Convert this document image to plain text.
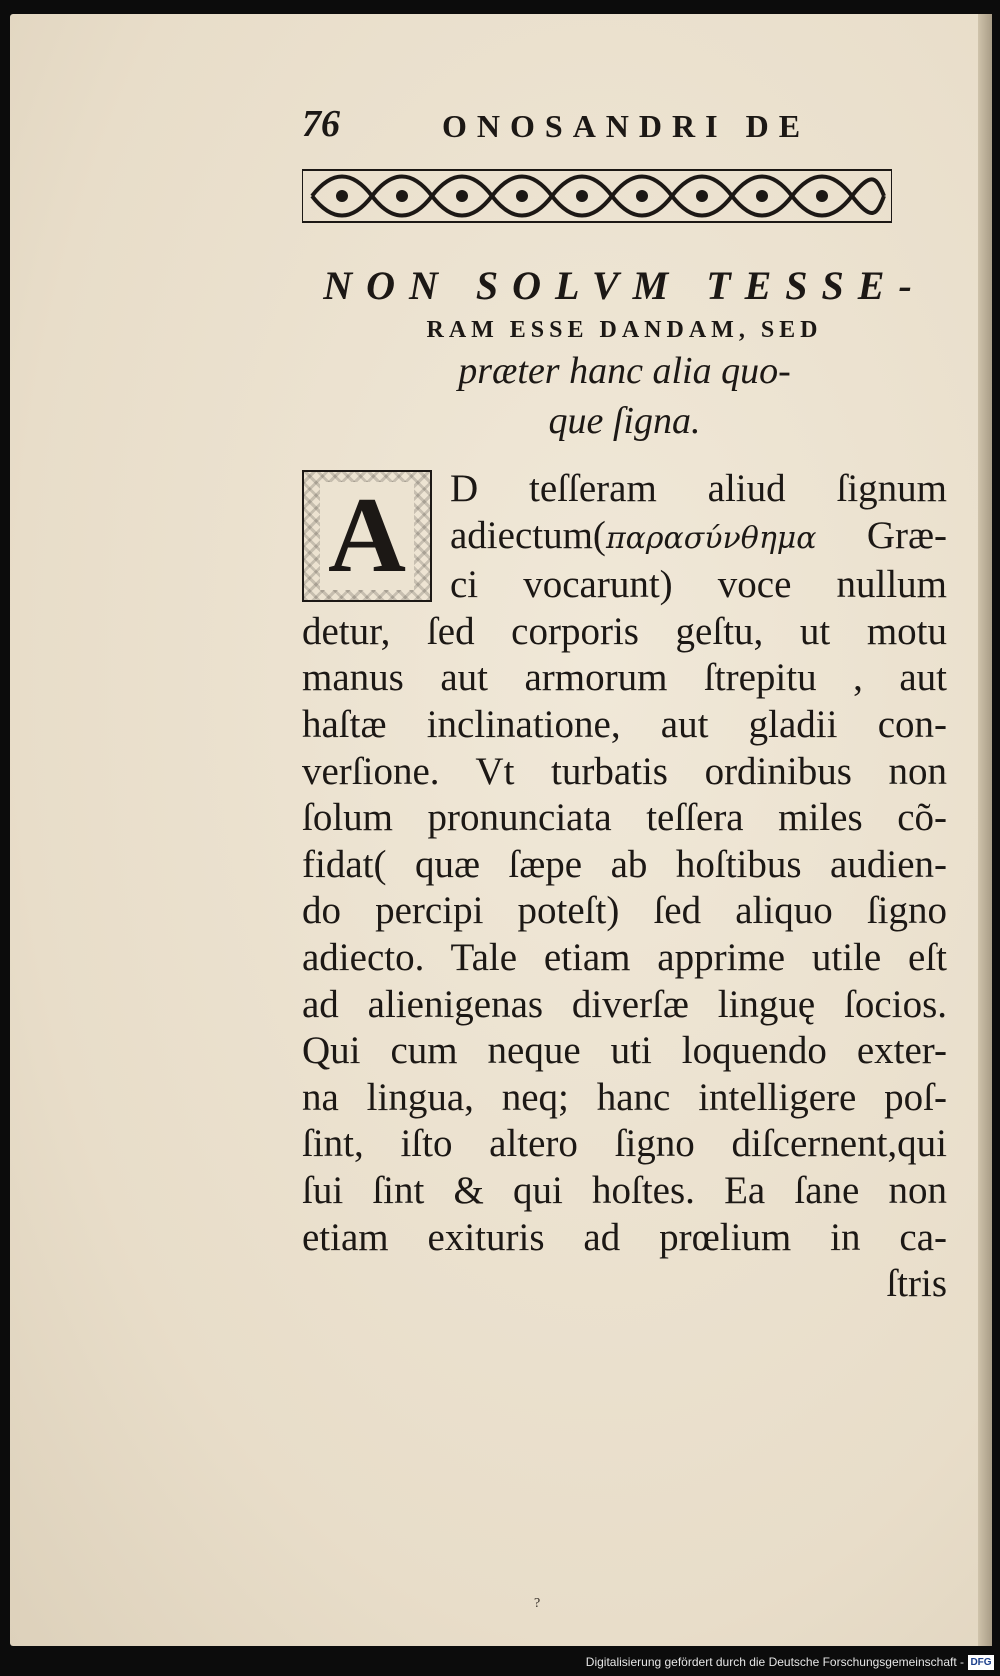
76	ONOSANDRI DE
NON SOLVM TESSE-
RAM ESSE DANDAM, SED
præter hanc alia quo-
que ſigna.
A	D teſſeram aliud ſignum
adiectum(παρασύνθημα Græ-
ci vocarunt) voce nullum
detur, ſed corporis geſtu, ut motu
manus aut armorum ſtrepitu , aut
haſtæ inclinatione, aut gladii con-
verſione. Vt turbatis ordinibus non
ſolum pronunciata teſſera miles cõ-
fidat( quæ ſæpe ab hoſtibus audien-
do percipi poteſt) ſed aliquo ſigno
adiecto. Tale etiam apprime utile eſt
ad alienigenas diverſæ linguę ſocios.
Qui cum neque uti loquendo exter-
na lingua, neq; hanc intelligere poſ-
ſint, iſto altero ſigno diſcernent,qui
ſui ſint & qui hoſtes. Ea ſane non
etiam exituris ad prœlium in ca-
ſtris
?
Digitalisierung gefördert durch die Deutsche Forschungsgemeinschaft - DFG
